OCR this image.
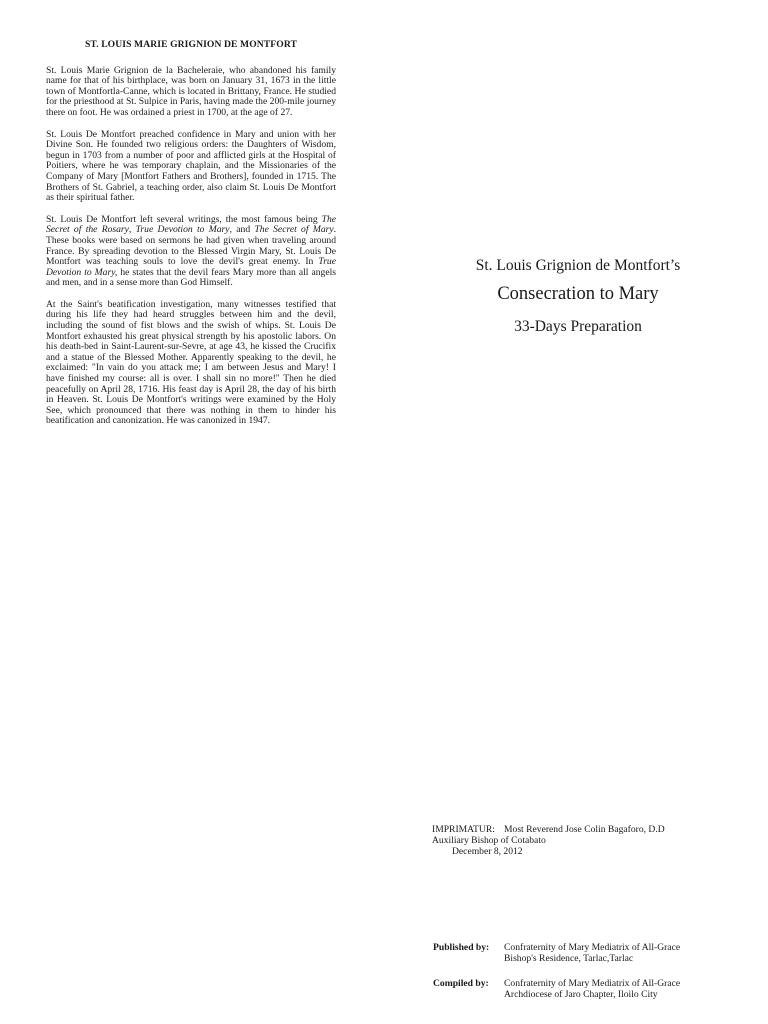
ST. LOUIS MARIE GRIGNION DE MONTFORT

St. Louis Marie Grignion de la Bacheleraie, who abandoned his family name for that of his birthplace, was born on January 31, 1673 in the little town of Montfortla-Canne, which is located in Brittany, France. He studied for the priesthood at St. Sulpice in Paris, having made the 200-mile journey there on foot. He was ordained a priest in 1700, at the age of 27.

St. Louis De Montfort preached confidence in Mary and union with her Divine Son. He founded two religious orders: the Daughters of Wisdom, begun in 1703 from a number of poor and afflicted girls at the Hospital of Poitiers, where he was temporary chaplain, and the Missionaries of the Company of Mary [Montfort Fathers and Brothers], founded in 1715. The Brothers of St. Gabriel, a teaching order, also claim St. Louis De Montfort as their spiritual father.

St. Louis De Montfort left several writings, the most famous being The Secret of the Rosary, True Devotion to Mary, and The Secret of Mary. These books were based on sermons he had given when traveling around France. By spreading devotion to the Blessed Virgin Mary, St. Louis De Montfort was teaching souls to love the devil's great enemy. In True Devotion to Mary, he states that the devil fears Mary more than all angels and men, and in a sense more than God Himself.

At the Saint's beatification investigation, many witnesses testified that during his life they had heard struggles between him and the devil, including the sound of fist blows and the swish of whips. St. Louis De Montfort exhausted his great physical strength by his apostolic labors. On his death-bed in Saint-Laurent-sur-Sevre, at age 43, he kissed the Crucifix and a statue of the Blessed Mother. Apparently speaking to the devil, he exclaimed: "In vain do you attack me; I am between Jesus and Mary! I have finished my course: all is over. I shall sin no more!" Then he died peacefully on April 28, 1716. His feast day is April 28, the day of his birth in Heaven. St. Louis De Montfort's writings were examined by the Holy See, which pronounced that there was nothing in them to hinder his beatification and canonization. He was canonized in 1947.

St. Louis Grignion de Montfort’s
Consecration to Mary
33-Days Preparation
IMPRIMATUR: Most Reverend Jose Colin Bagaforo, D.D
Auxiliary Bishop of Cotabato
December 8, 2012
Published by:	Confraternity of Mary Mediatrix of All-Grace
Bishop's Residence, Tarlac,Tarlac
Compiled by:	Confraternity of Mary Mediatrix of All-Grace
Archdiocese of Jaro Chapter, Iloilo City
